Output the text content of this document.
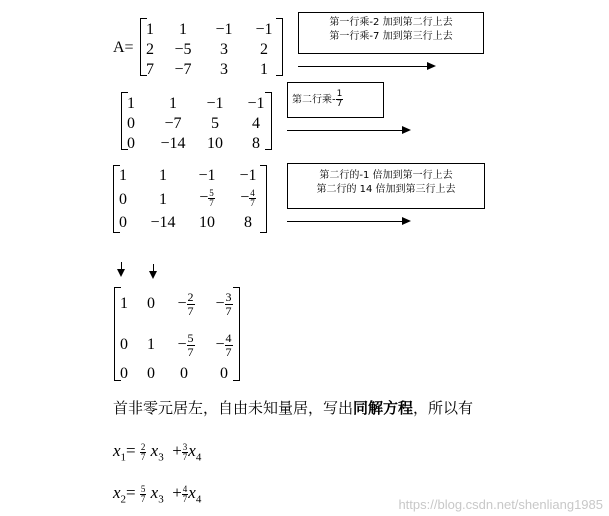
A=
1	1	−1	−1
2	−5	3	2
7	−7	3	1
第一行乘-2 加到第二行上去
第一行乘-7 加到第三行上去
1	1	−1	−1
0	−7	5	4
0	−14	10	8
第二行乘- $\frac{1}{7}$
1	1	−1	−1
0	1	− $\frac{5}{7}$	− $\frac{4}{7}$
0	−14	10	8
第二行的-1 倍加到第一行上去
第二行的 14 倍加到第三行上去
1	0	− $\frac{2}{7}$	− $\frac{3}{7}$
0	1	− $\frac{5}{7}$	− $\frac{4}{7}$
0	0	0	0
首非零元居左，自由未知量居，写出同解方程，所以有
$x_1= \frac{2}{7} x_3 + \frac{3}{7} x_4$
$x_2= \frac{5}{7} x_3 + \frac{4}{7} x_4$	https://blog.csdn.net/shenliang1985
